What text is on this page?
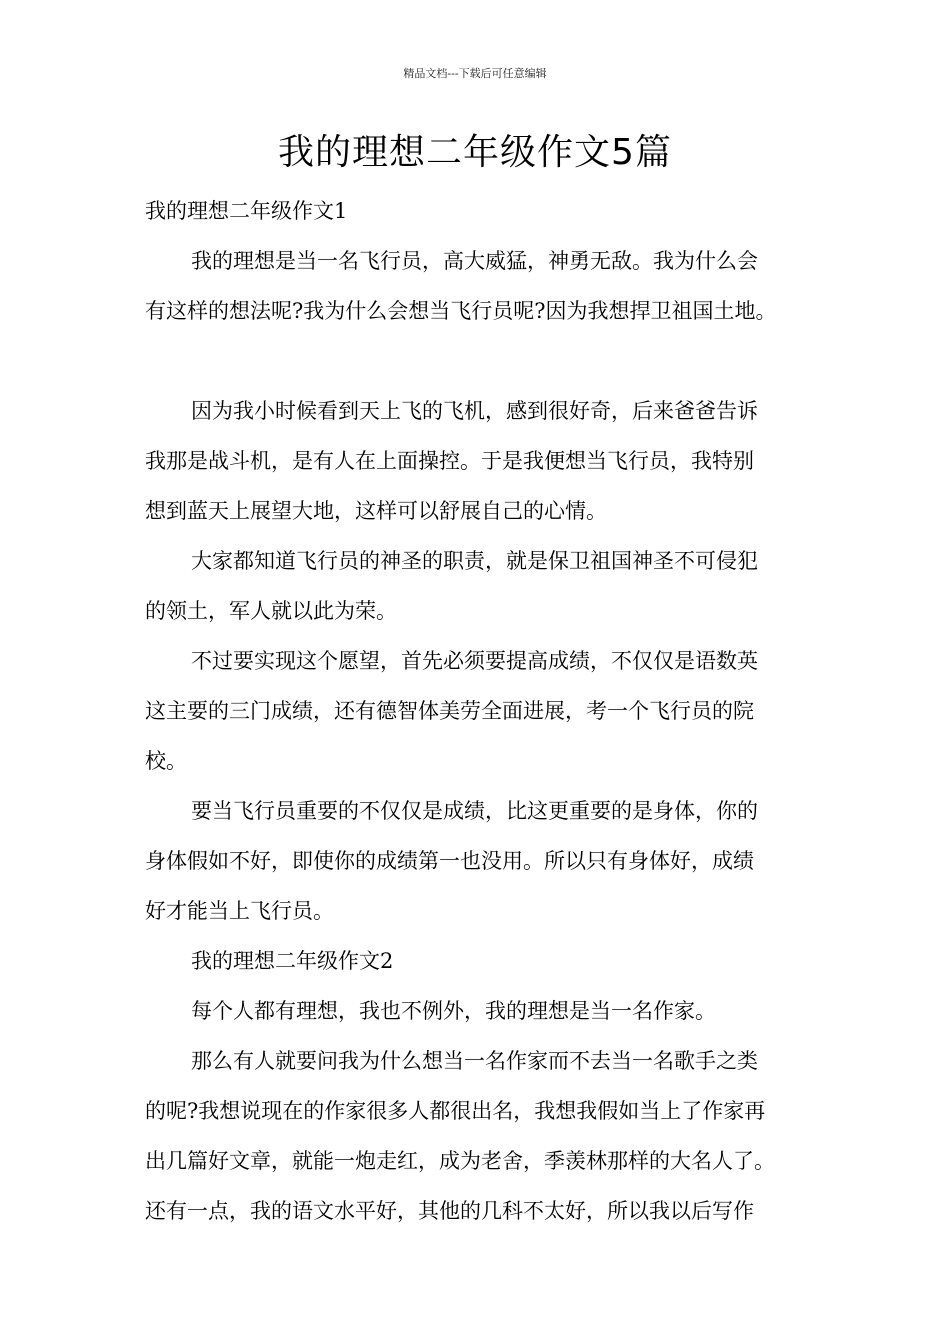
精品文档---下载后可任意编辑
我的理想二年级作文5篇

我的理想二年级作文1

我的理想是当一名飞行员，高大威猛，神勇无敌。我为什么会

有这样的想法呢?我为什么会想当飞行员呢?因为我想捍卫祖国土地。

因为我小时候看到天上飞的飞机，感到很好奇，后来爸爸告诉

我那是战斗机，是有人在上面操控。于是我便想当飞行员，我特别

想到蓝天上展望大地，这样可以舒展自己的心情。

大家都知道飞行员的神圣的职责，就是保卫祖国神圣不可侵犯

的领土，军人就以此为荣。

不过要实现这个愿望，首先必须要提高成绩，不仅仅是语数英

这主要的三门成绩，还有德智体美劳全面进展，考一个飞行员的院

校。

要当飞行员重要的不仅仅是成绩，比这更重要的是身体，你的

身体假如不好，即使你的成绩第一也没用。所以只有身体好，成绩

好才能当上飞行员。

我的理想二年级作文2

每个人都有理想，我也不例外，我的理想是当一名作家。

那么有人就要问我为什么想当一名作家而不去当一名歌手之类

的呢?我想说现在的作家很多人都很出名，我想我假如当上了作家再

出几篇好文章，就能一炮走红，成为老舍，季羡林那样的大名人了。

还有一点，我的语文水平好，其他的几科不太好，所以我以后写作
